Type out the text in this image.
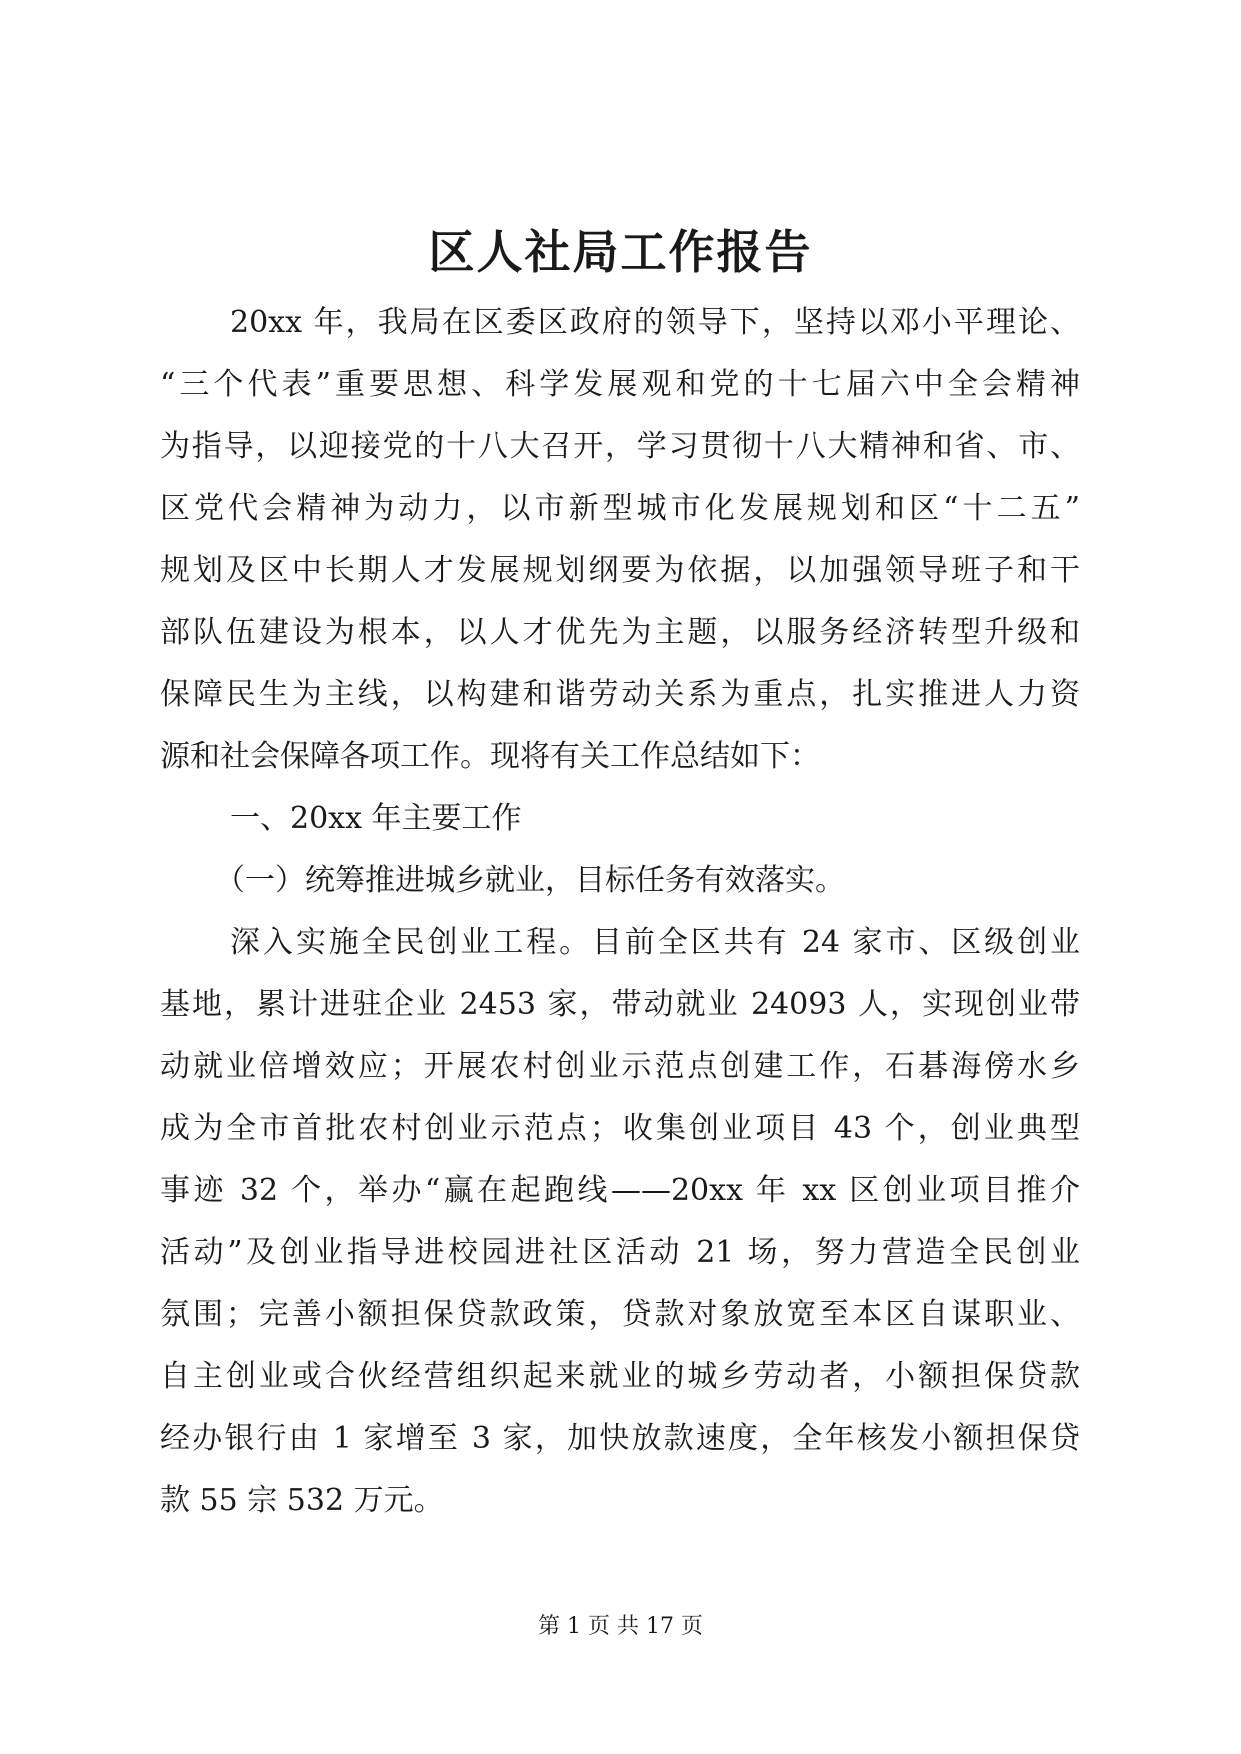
区人社局工作报告
20xx 年，我局在区委区政府的领导下，坚持以邓小平理论、
“三个代表”重要思想、科学发展观和党的十七届六中全会精神
为指导，以迎接党的十八大召开，学习贯彻十八大精神和省、市、
区党代会精神为动力，以市新型城市化发展规划和区“十二五”
规划及区中长期人才发展规划纲要为依据，以加强领导班子和干
部队伍建设为根本，以人才优先为主题，以服务经济转型升级和
保障民生为主线，以构建和谐劳动关系为重点，扎实推进人力资
源和社会保障各项工作。现将有关工作总结如下：
一、20xx 年主要工作
（一）统筹推进城乡就业，目标任务有效落实。
深入实施全民创业工程。目前全区共有 24 家市、区级创业
基地，累计进驻企业 2453 家，带动就业 24093 人，实现创业带
动就业倍增效应；开展农村创业示范点创建工作，石碁海傍水乡
成为全市首批农村创业示范点；收集创业项目 43 个，创业典型
事迹 32 个，举办“赢在起跑线——20xx 年 xx 区创业项目推介
活动”及创业指导进校园进社区活动 21 场，努力营造全民创业
氛围；完善小额担保贷款政策，贷款对象放宽至本区自谋职业、
自主创业或合伙经营组织起来就业的城乡劳动者，小额担保贷款
经办银行由 1 家增至 3 家，加快放款速度，全年核发小额担保贷
款 55 宗 532 万元。
第 1 页 共 17 页
